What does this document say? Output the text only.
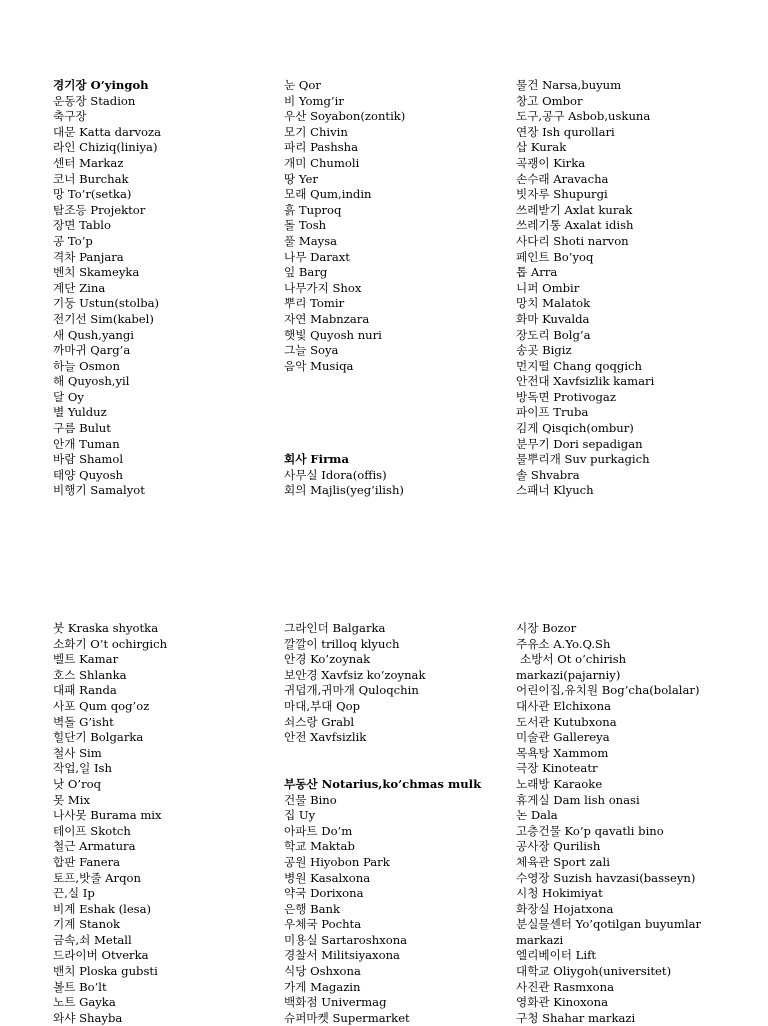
경기장 O’yingoh
운동장 Stadion
축구장
대문 Katta darvoza
라인 Chiziq(liniya)
센터 Markaz
코너 Burchak
망 To’r(setka)
탐조등 Projektor
장면 Tablo
공 To’p
격차 Panjara
벤치 Skameyka
계단 Zina
기둥 Ustun(stolba)
전기선 Sim(kabel)
새 Qush,yangi
까마귀 Qarg’a
하늘 Osmon
해 Quyosh,yil
달 Oy
별 Yulduz
구름 Bulut
안개 Tuman
바람 Shamol
태양 Quyosh
비행기 Samalyot
눈 Qor
비 Yomg’ir
우산 Soyabon(zontik)
모기 Chivin
파리 Pashsha
개미 Chumoli
땅 Yer
모래 Qum,indin
흙 Tuproq
돌 Tosh
풀 Maysa
나무 Daraxt
잎 Barg
나무가지 Shox
뿌리 Tomir
자연 Mabnzara
햇빛 Quyosh nuri
그늘 Soya
음악 Musiqa
회사 Firma
사무실 Idora(offis)
회의 Majlis(yeg’ilish)
물건 Narsa,buyum
창고 Ombor
도구,공구 Asbob,uskuna
연장 Ish qurollari
삽 Kurak
곡괭이 Kirka
손수래 Aravacha
빗자루 Shupurgi
쓰레받기 Axlat kurak
쓰레기통 Axalat idish
사다리 Shoti narvon
페인트 Bo’yoq
톱 Arra
니퍼 Ombir
망치 Malatok
화마 Kuvalda
장도리 Bolg’a
송곳 Bigiz
먼지떨 Chang qoqgich
안전대 Xavfsizlik kamari
방독면 Protivogaz
파이프 Truba
김게 Qisqich(ombur)
분무기 Dori sepadigan
물뿌리개 Suv purkagich
솔 Shvabra
스패너 Klyuch
붓 Kraska shyotka
소화기 O’t ochirgich
벨트 Kamar
호스 Shlanka
대패 Randa
사포 Qum qog’oz
벽돌 G’isht
힐단기 Bolgarka
철사 Sim
작업,일 Ish
낫 O’roq
못 Mix
나사못 Burama mix
테이프 Skotch
철근 Armatura
합판 Fanera
토프,밧줄 Arqon
끈,실 Ip
비계 Eshak (lesa)
기계 Stanok
금속,쇠 Metall
드라이버 Otverka
밴치 Ploska gubsti
볼트 Bo’lt
노트 Gayka
와샤 Shayba
그라인더 Balgarka
깔깔이 trilloq klyuch
안경 Ko’zoynak
보안경 Xavfsiz ko’zoynak
귀덥개,귀마개 Quloqchin
마대,부대 Qop
쇠스랑 Grabl
안전 Xavfsizlik
부동산 Notarius,ko’chmas mulk
건물 Bino
집 Uy
아파트 Do’m
학교 Maktab
공원 Hiyobon Park
병원 Kasalxona
약국 Dorixona
은행 Bank
우체국 Pochta
미용실 Sartaroshxona
경찰서 Militsiyaxona
식당 Oshxona
가게 Magazin
백화점 Univermag
슈퍼마켓 Supermarket
시장 Bozor
주유소 A.Yo.Q.Sh
소방서 Ot o’chirish
markazi(pajarniy)
어린이집,유치원 Bog’cha(bolalar)
대사관 Elchixona
도서관 Kutubxona
미술관 Gallereya
목욕탕 Xammom
극장 Kinoteatr
노래방 Karaoke
휴게실 Dam lish onasi
논 Dala
고층건물 Ko’p qavatli bino
공사장 Qurilish
체육관 Sport zali
수영장 Suzish havzasi(basseyn)
시청 Hokimiyat
화장실 Hojatxona
분실물센터 Yo’qotilgan buyumlar
markazi
엘리베이터 Lift
대학교 Oliygoh(universitet)
사진관 Rasmxona
영화관 Kinoxona
구청 Shahar markazi
